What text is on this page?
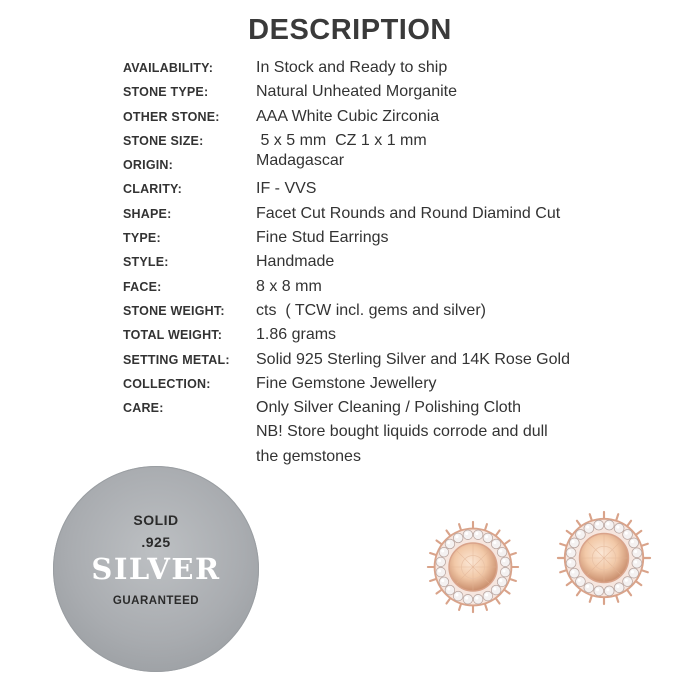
DESCRIPTION
AVAILABILITY:	In Stock and Ready to ship
STONE TYPE:	Natural Unheated Morganite
OTHER STONE:	AAA White Cubic Zirconia
STONE SIZE:	5 x 5 mm  CZ 1 x 1 mm
ORIGIN:	Madagascar
CLARITY:	IF - VVS
SHAPE:	Facet Cut Rounds and Round Diamind Cut
TYPE:	Fine Stud Earrings
STYLE:	Handmade
FACE:	8 x 8 mm
STONE WEIGHT:	cts  ( TCW incl. gems and silver)
TOTAL WEIGHT:	1.86 grams
SETTING METAL:	Solid 925 Sterling Silver and 14K Rose Gold
COLLECTION:	Fine Gemstone Jewellery
CARE:	Only Silver Cleaning / Polishing Cloth
NB! Store bought liquids corrode and dull
the gemstones
SOLID
.925
SILVER
GUARANTEED
